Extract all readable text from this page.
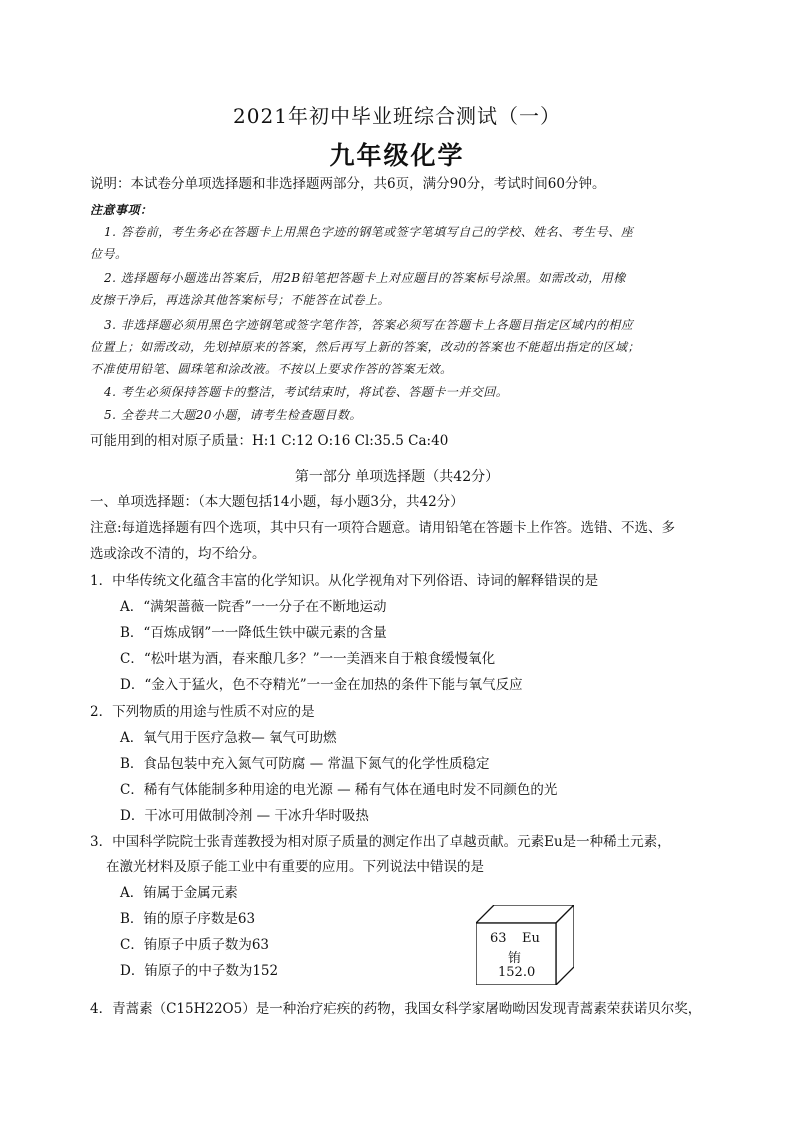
2021年初中毕业班综合测试（一）
九年级化学
说明：本试卷分单项选择题和非选择题两部分，共6页，满分90分，考试时间60分钟。
注意事项：
1. 答卷前，考生务必在答题卡上用黑色字迹的钢笔或签字笔填写自己的学校、姓名、考生号、座
位号。
2. 选择题每小题选出答案后，用2B铅笔把答题卡上对应题目的答案标号涂黑。如需改动，用橡
皮擦干净后，再选涂其他答案标号；不能答在试卷上。
3. 非选择题必须用黑色字迹钢笔或签字笔作答，答案必须写在答题卡上各题目指定区域内的相应
位置上；如需改动，先划掉原来的答案，然后再写上新的答案，改动的答案也不能超出指定的区域；
不准使用铅笔、圆珠笔和涂改液。不按以上要求作答的答案无效。
4. 考生必须保持答题卡的整洁，考试结束时，将试卷、答题卡一并交回。
5. 全卷共二大题20小题，请考生检查题目数。
可能用到的相对原子质量：H:1 C:12 O:16 Cl:35.5 Ca:40
第一部分 单项选择题（共42分）
一、单项选择题：（本大题包括14小题，每小题3分，共42分）
注意:每道选择题有四个选项，其中只有一项符合题意。请用铅笔在答题卡上作答。选错、不选、多
选或涂改不清的，均不给分。
1．中华传统文化蕴含丰富的化学知识。从化学视角对下列俗语、诗词的解释错误的是
A．“满架蔷薇一院香”一一分子在不断地运动
B．“百炼成钢”一一降低生铁中碳元素的含量
C．“松叶堪为酒，春来酿几多？”一一美酒来自于粮食缓慢氧化
D．“金入于猛火，色不夺精光”一一金在加热的条件下能与氧气反应
2．下列物质的用途与性质不对应的是
A．氧气用于医疗急救— 氧气可助燃
B．食品包装中充入氮气可防腐 — 常温下氮气的化学性质稳定
C．稀有气体能制多种用途的电光源 — 稀有气体在通电时发不同颜色的光
D．干冰可用做制冷剂 — 干冰升华时吸热
3．中国科学院院士张青莲教授为相对原子质量的测定作出了卓越贡献。元素Eu是一种稀土元素，
在激光材料及原子能工业中有重要的应用。下列说法中错误的是
A．铕属于金属元素
B．铕的原子序数是63
C．铕原子中质子数为63
D．铕原子的中子数为152
63 Eu
铕
152.0
4．青蒿素（C15H22O5）是一种治疗疟疾的药物，我国女科学家屠呦呦因发现青蒿素荣获诺贝尔奖，
